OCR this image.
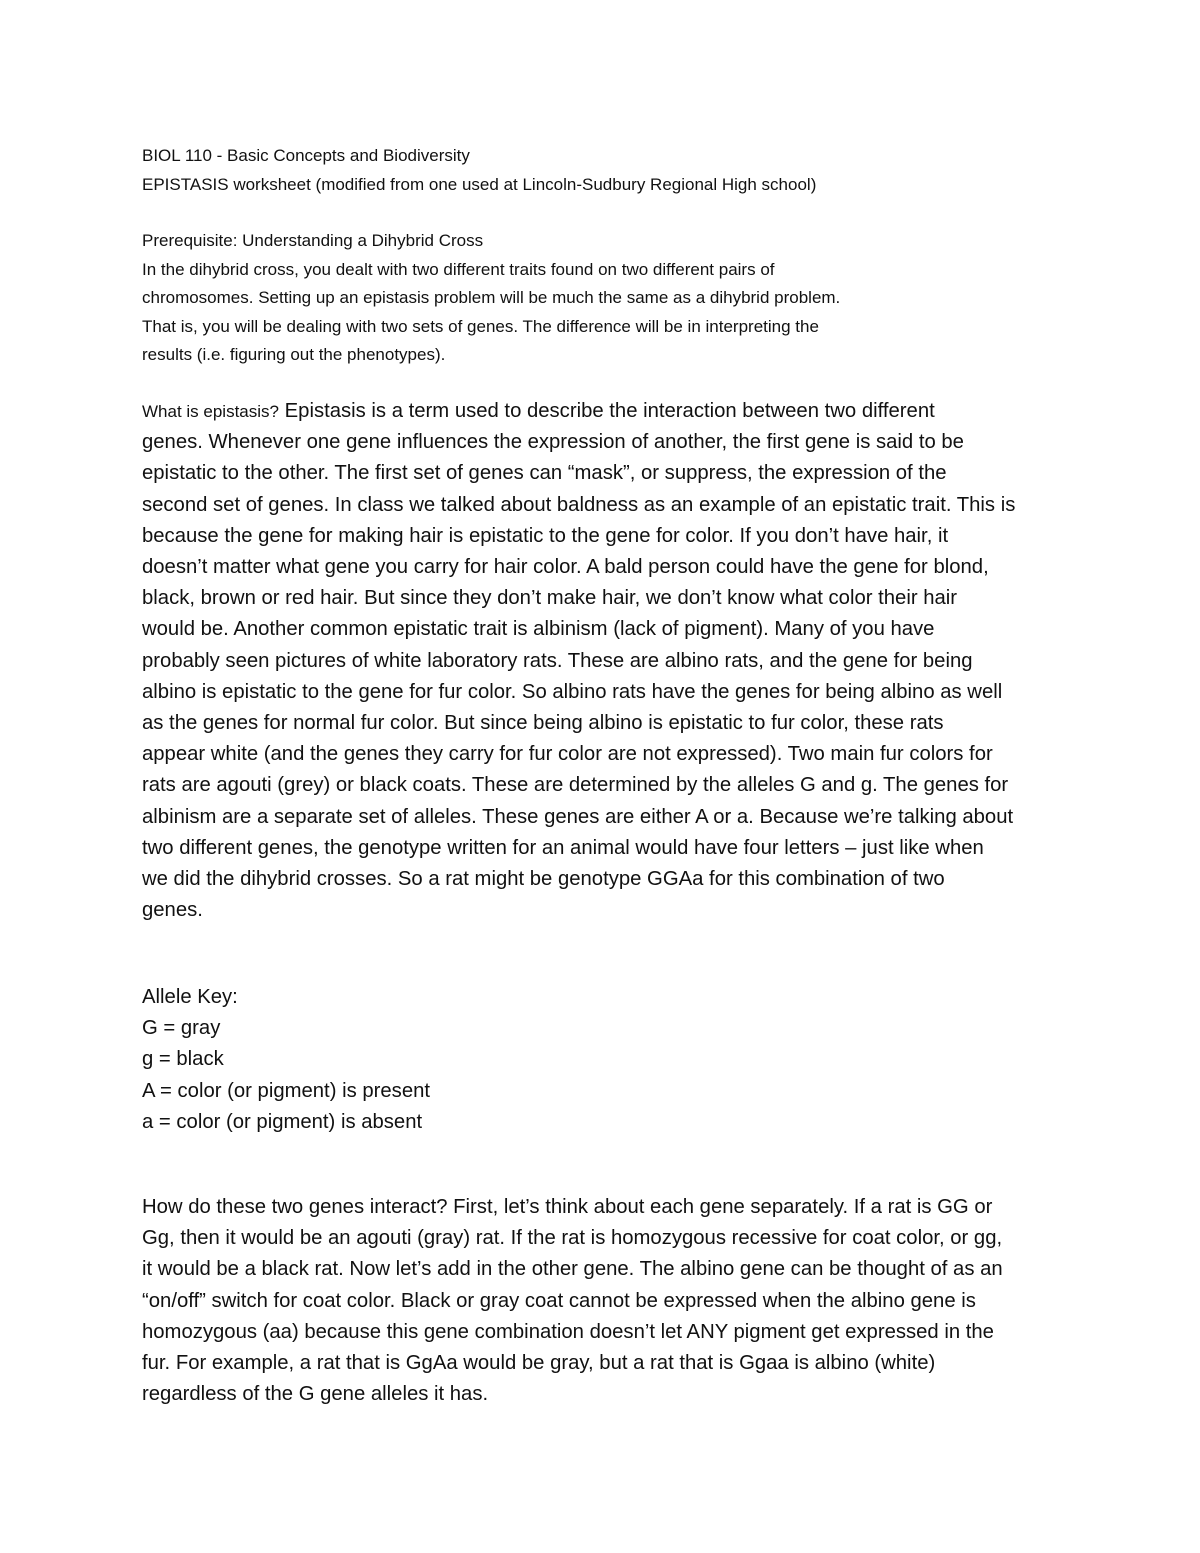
BIOL 110 - Basic Concepts and Biodiversity
EPISTASIS worksheet (modified from one used at Lincoln-Sudbury Regional High school)
Prerequisite: Understanding a Dihybrid Cross
In the dihybrid cross, you dealt with two different traits found on two different pairs of
chromosomes. Setting up an epistasis problem will be much the same as a dihybrid problem.
That is, you will be dealing with two sets of genes. The difference will be in interpreting the
results (i.e. figuring out the phenotypes).
What is epistasis? Epistasis is a term used to describe the interaction between two different
genes. Whenever one gene influences the expression of another, the first gene is said to be
epistatic to the other. The first set of genes can “mask”, or suppress, the expression of the
second set of genes. In class we talked about baldness as an example of an epistatic trait. This is
because the gene for making hair is epistatic to the gene for color. If you don’t have hair, it
doesn’t matter what gene you carry for hair color. A bald person could have the gene for blond,
black, brown or red hair. But since they don’t make hair, we don’t know what color their hair
would be. Another common epistatic trait is albinism (lack of pigment). Many of you have
probably seen pictures of white laboratory rats. These are albino rats, and the gene for being
albino is epistatic to the gene for fur color. So albino rats have the genes for being albino as well
as the genes for normal fur color. But since being albino is epistatic to fur color, these rats
appear white (and the genes they carry for fur color are not expressed). Two main fur colors for
rats are agouti (grey) or black coats. These are determined by the alleles G and g. The genes for
albinism are a separate set of alleles. These genes are either A or a. Because we’re talking about
two different genes, the genotype written for an animal would have four letters – just like when
we did the dihybrid crosses. So a rat might be genotype GGAa for this combination of two
genes.
Allele Key:
G = gray
g = black
A = color (or pigment) is present
a = color (or pigment) is absent
How do these two genes interact? First, let’s think about each gene separately. If a rat is GG or
Gg, then it would be an agouti (gray) rat. If the rat is homozygous recessive for coat color, or gg,
it would be a black rat. Now let’s add in the other gene. The albino gene can be thought of as an
“on/off” switch for coat color. Black or gray coat cannot be expressed when the albino gene is
homozygous (aa) because this gene combination doesn’t let ANY pigment get expressed in the
fur. For example, a rat that is GgAa would be gray, but a rat that is Ggaa is albino (white)
regardless of the G gene alleles it has.
